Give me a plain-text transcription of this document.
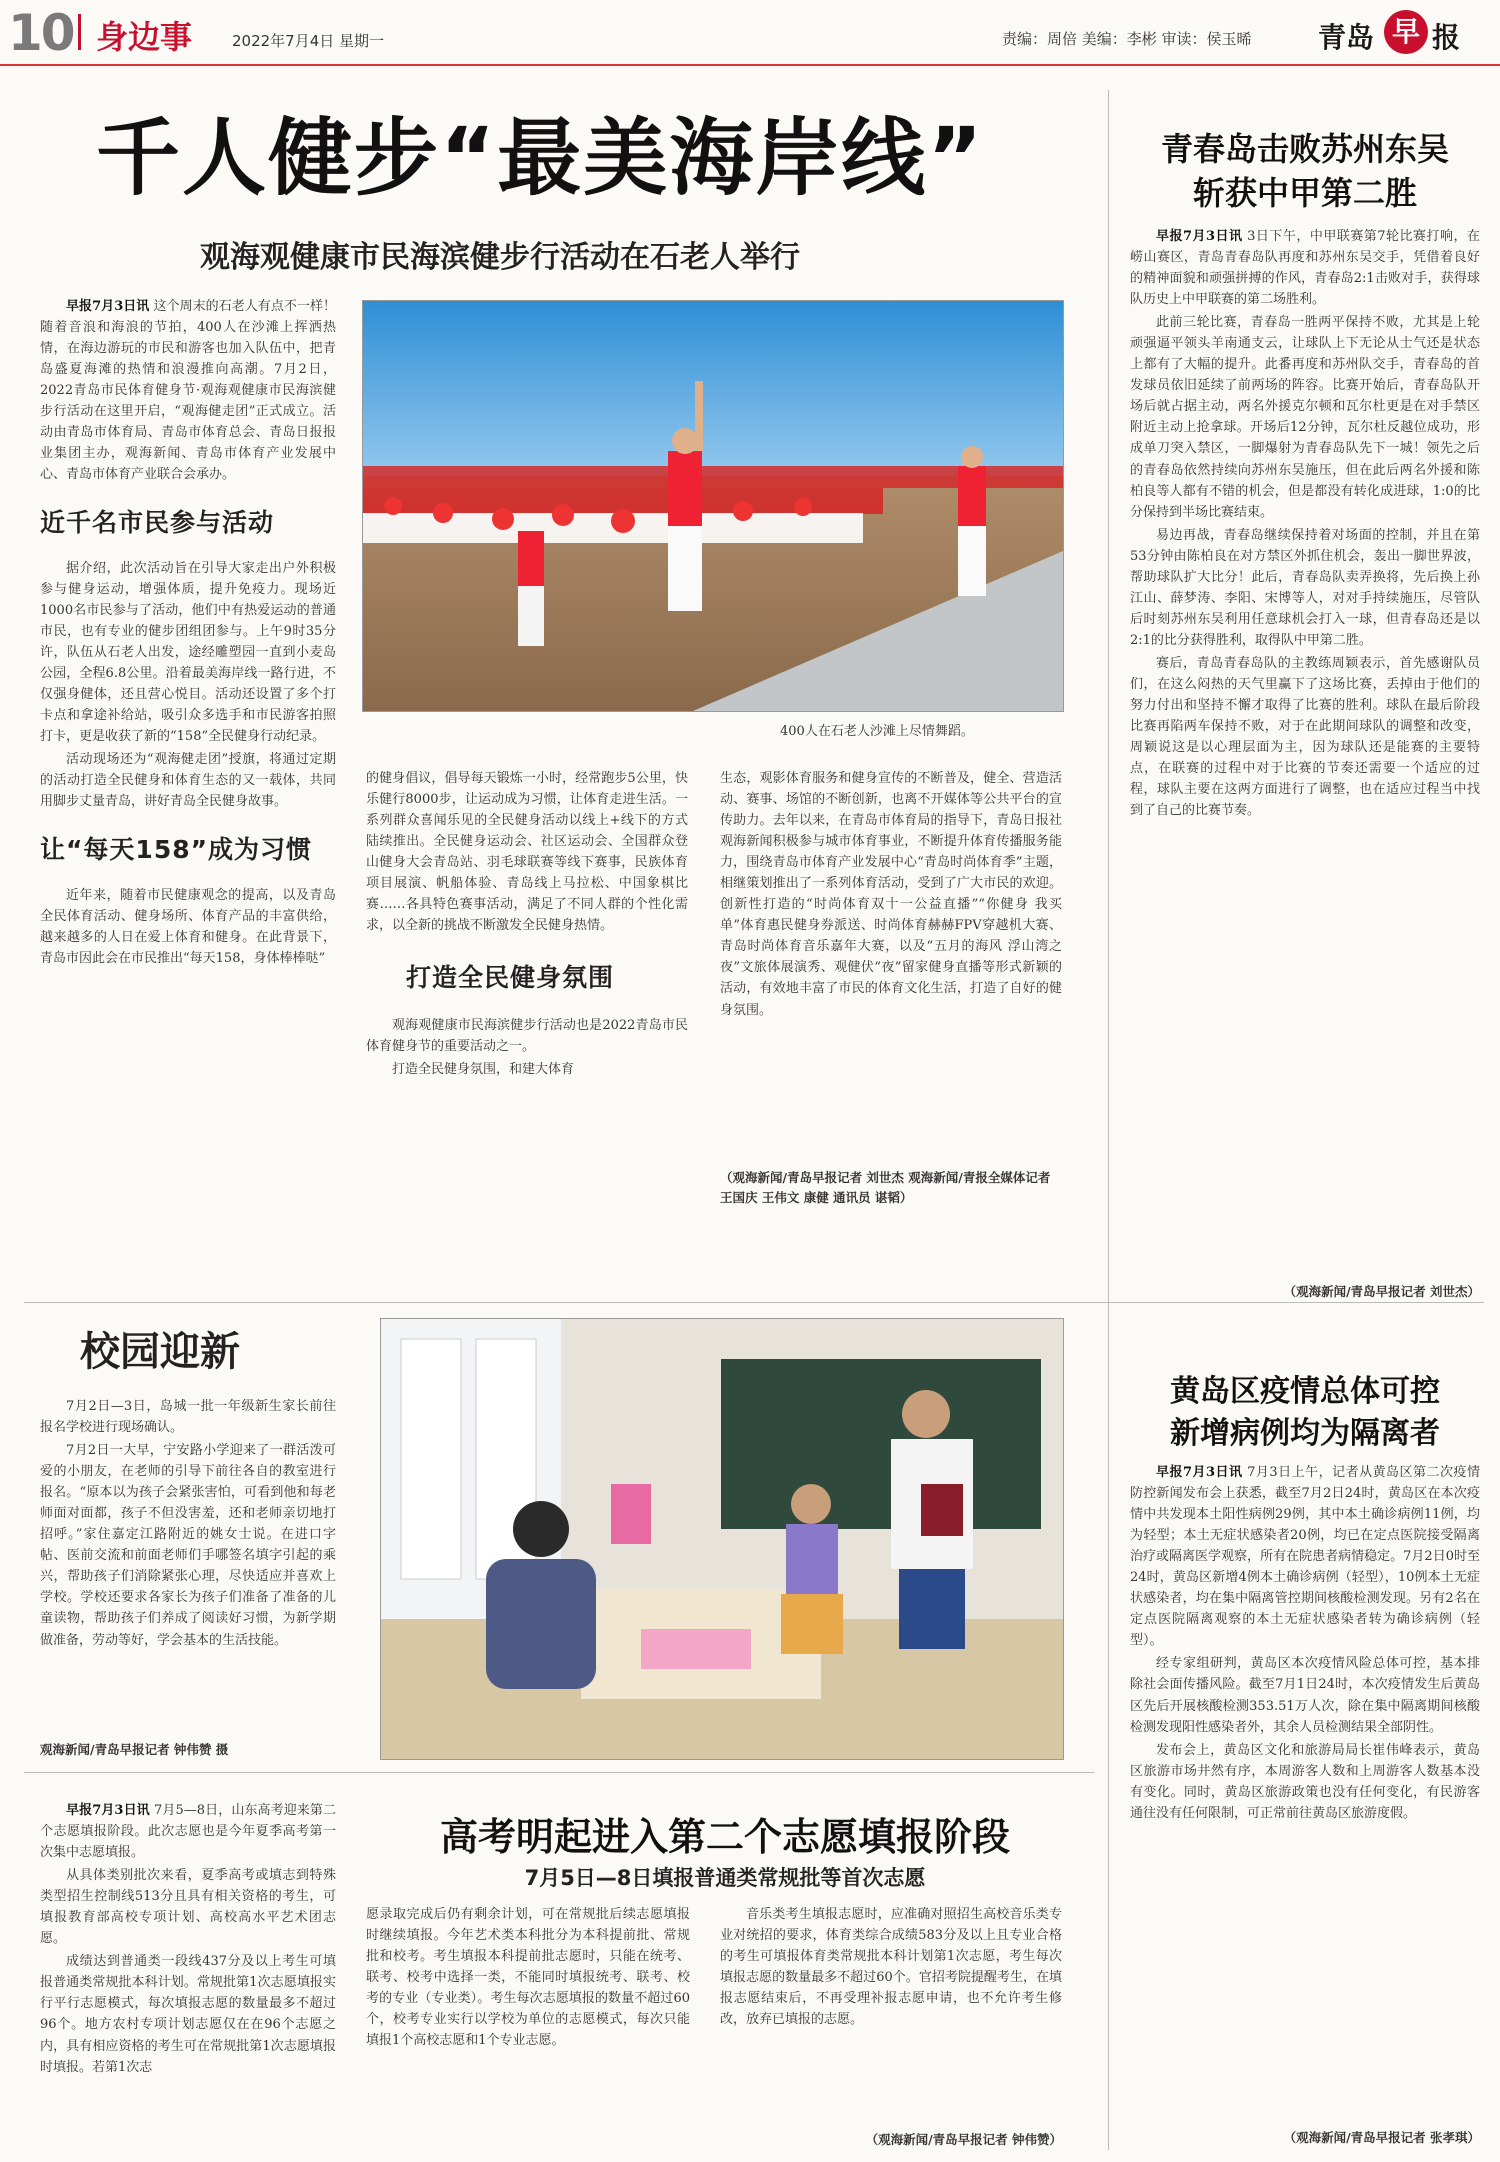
10 身边事	2022年7月4日 星期一	责编：周倍 美编：李彬 审读：侯玉晞 青岛 早 报
千人健步“最美海岸线”
观海观健康市民海滨健步行活动在石老人举行

早报7月3日讯 这个周末的石老人有点不一样！随着音浪和海浪的节拍，400人在沙滩上挥洒热情，在海边游玩的市民和游客也加入队伍中，把青岛盛夏海滩的热情和浪漫推向高潮。7月2日，2022青岛市民体育健身节·观海观健康市民海滨健步行活动在这里开启，“观海健走团”正式成立。活动由青岛市体育局、青岛市体育总会、青岛日报报业集团主办，观海新闻、青岛市体育产业发展中心、青岛市体育产业联合会承办。

近千名市民参与活动

据介绍，此次活动旨在引导大家走出户外积极参与健身运动，增强体质，提升免疫力。现场近1000名市民参与了活动，他们中有热爱运动的普通市民，也有专业的健步团组团参与。上午9时35分许，队伍从石老人出发，途经雕塑园一直到小麦岛公园，全程6.8公里。沿着最美海岸线一路行进，不仅强身健体，还且营心悦目。活动还设置了多个打卡点和拿途补给站，吸引众多选手和市民游客拍照打卡，更是收获了新的“158”全民健身行动纪录。

活动现场还为“观海健走团”授旗，将通过定期的活动打造全民健身和体育生态的又一载体，共同用脚步丈量青岛，讲好青岛全民健身故事。

让“每天158”成为习惯

近年来，随着市民健康观念的提高，以及青岛全民体育活动、健身场所、体育产品的丰富供给，越来越多的人日在爱上体育和健身。在此背景下，青岛市因此会在市民推出“每天158，身体棒棒哒”

400人在石老人沙滩上尽情舞蹈。

的健身倡议，倡导每天锻炼一小时，经常跑步5公里，快乐健行8000步，让运动成为习惯，让体育走进生活。一系列群众喜闻乐见的全民健身活动以线上+线下的方式陆续推出。全民健身运动会、社区运动会、全国群众登山健身大会青岛站、羽毛球联赛等线下赛事，民族体育项目展演、帆船体验、青岛线上马拉松、中国象棋比赛……各具特色赛事活动，满足了不同人群的个性化需求，以全新的挑战不断激发全民健身热情。

打造全民健身氛围

观海观健康市民海滨健步行活动也是2022青岛市民体育健身节的重要活动之一。

打造全民健身氛围，和建大体育

生态，观影体育服务和健身宣传的不断普及，健全、营造活动、赛事、场馆的不断创新，也离不开媒体等公共平台的宣传助力。去年以来，在青岛市体育局的指导下，青岛日报社观海新闻积极参与城市体育事业，不断提升体育传播服务能力，围绕青岛市体育产业发展中心“青岛时尚体育季”主题，相继策划推出了一系列体育活动，受到了广大市民的欢迎。创新性打造的“时尚体育双十一公益直播”“你健身 我买单”体育惠民健身券派送、时尚体育赫赫FPV穿越机大赛、青岛时尚体育音乐嘉年大赛，以及“五月的海风 浮山湾之夜”文旅体展演秀、观健伏“夜”留家健身直播等形式新颖的活动，有效地丰富了市民的体育文化生活，打造了自好的健身氛围。

（观海新闻/青岛早报记者 刘世杰 观海新闻/青报全媒体记者 王国庆 王伟文 康健 通讯员 谌韬）
青春岛击败苏州东吴
斩获中甲第二胜

早报7月3日讯 3日下午，中甲联赛第7轮比赛打响，在崂山赛区，青岛青春岛队再度和苏州东吴交手，凭借着良好的精神面貌和顽强拼搏的作风，青春岛2:1击败对手，获得球队历史上中甲联赛的第二场胜利。

此前三轮比赛，青春岛一胜两平保持不败，尤其是上轮顽强逼平领头羊南通支云，让球队上下无论从士气还是状态上都有了大幅的提升。此番再度和苏州队交手，青春岛的首发球员依旧延续了前两场的阵容。比赛开始后，青春岛队开场后就占据主动，两名外援克尔顿和瓦尔杜更是在对手禁区附近主动上抢拿球。开场后12分钟，瓦尔杜反越位成功，形成单刀突入禁区，一脚爆射为青春岛队先下一城！领先之后的青春岛依然持续向苏州东吴施压，但在此后两名外援和陈柏良等人都有不错的机会，但是都没有转化成进球，1:0的比分保持到半场比赛结束。

易边再战，青春岛继续保持着对场面的控制，并且在第53分钟由陈柏良在对方禁区外抓住机会，轰出一脚世界波，帮助球队扩大比分！此后，青春岛队卖弄换将，先后换上孙江山、薛梦涛、李阳、宋博等人，对对手持续施压，尽管队后时刻苏州东吴利用任意球机会打入一球，但青春岛还是以2:1的比分获得胜利，取得队中甲第二胜。

赛后，青岛青春岛队的主教练周颖表示，首先感谢队员们，在这么闷热的天气里赢下了这场比赛，丢掉由于他们的努力付出和坚持不懈才取得了比赛的胜利。球队在最后阶段比赛再陷两车保持不败，对于在此期间球队的调整和改变，周颖说这是以心理层面为主，因为球队还是能赛的主要特点，在联赛的过程中对于比赛的节奏还需要一个适应的过程，球队主要在这两方面进行了调整，也在适应过程当中找到了自己的比赛节奏。

（观海新闻/青岛早报记者 刘世杰）
校园迎新

7月2日—3日，岛城一批一年级新生家长前往报名学校进行现场确认。

7月2日一大早，宁安路小学迎来了一群活泼可爱的小朋友，在老师的引导下前往各自的教室进行报名。“原本以为孩子会紧张害怕，可看到他和每老师面对面都，孩子不但没害羞，还和老师亲切地打招呼。”家住嘉定江路附近的姚女士说。在进口字帖、医前交流和前面老师们手哪签名填字引起的乘兴，帮助孩子们消除紧张心理，尽快适应并喜欢上学校。学校还要求各家长为孩子们准备了准备的儿童读物，帮助孩子们养成了阅读好习惯，为新学期做准备，劳动等好，学会基本的生活技能。

观海新闻/青岛早报记者 钟伟赞 摄
黄岛区疫情总体可控
新增病例均为隔离者

早报7月3日讯 7月3日上午，记者从黄岛区第二次疫情防控新闻发布会上获悉，截至7月2日24时，黄岛区在本次疫情中共发现本土阳性病例29例，其中本土确诊病例11例，均为轻型；本土无症状感染者20例，均已在定点医院接受隔离治疗或隔离医学观察，所有在院患者病情稳定。7月2日0时至24时，黄岛区新增4例本土确诊病例（轻型），10例本土无症状感染者，均在集中隔离管控期间核酸检测发现。另有2名在定点医院隔离观察的本土无症状感染者转为确诊病例（轻型）。

经专家组研判，黄岛区本次疫情风险总体可控，基本排除社会面传播风险。截至7月1日24时，本次疫情发生后黄岛区先后开展核酸检测353.51万人次，除在集中隔离期间核酸检测发现阳性感染者外，其余人员检测结果全部阴性。

发布会上，黄岛区文化和旅游局局长崔伟峰表示，黄岛区旅游市场井然有序，本周游客人数和上周游客人数基本没有变化。同时，黄岛区旅游政策也没有任何变化，有民游客通往没有任何限制，可正常前往黄岛区旅游度假。

（观海新闻/青岛早报记者 张孝琪）

早报7月3日讯 7月5—8日，山东高考迎来第二个志愿填报阶段。此次志愿也是今年夏季高考第一次集中志愿填报。

从具体类别批次来看，夏季高考或填志到特殊类型招生控制线513分且具有相关资格的考生，可填报教育部高校专项计划、高校高水平艺术团志愿。

成绩达到普通类一段线437分及以上考生可填报普通类常规批本科计划。常规批第1次志愿填报实行平行志愿模式，每次填报志愿的数量最多不超过96个。地方农村专项计划志愿仅在在96个志愿之内，具有相应资格的考生可在常规批第1次志愿填报时填报。若第1次志

高考明起进入第二个志愿填报阶段
7月5日—8日填报普通类常规批等首次志愿

愿录取完成后仍有剩余计划，可在常规批后续志愿填报时继续填报。今年艺术类本科批分为本科提前批、常规批和校考。考生填报本科提前批志愿时，只能在统考、联考、校考中选择一类，不能同时填报统考、联考、校考的专业（专业类）。考生每次志愿填报的数量不超过60个，校考专业实行以学校为单位的志愿模式，每次只能填报1个高校志愿和1个专业志愿。

音乐类考生填报志愿时，应准确对照招生高校音乐类专业对统招的要求，体育类综合成绩583分及以上且专业合格的考生可填报体育类常规批本科计划第1次志愿，考生每次填报志愿的数量最多不超过60个。官招考院提醒考生，在填报志愿结束后，不再受理补报志愿申请，也不允许考生修改，放弃已填报的志愿。

（观海新闻/青岛早报记者 钟伟赞）
